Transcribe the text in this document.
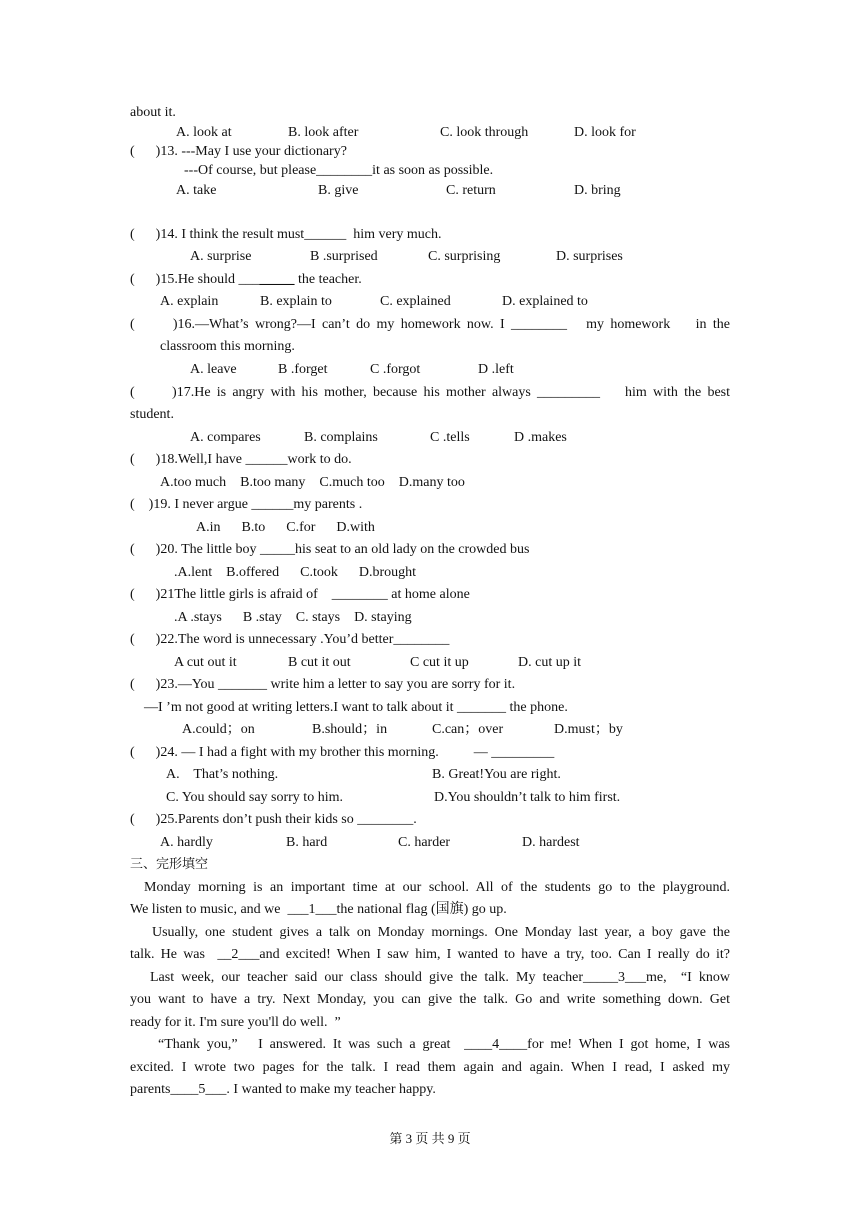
about it.
A. look at	B. look after	C. look through	D. look for
(      )13. ---May I use your dictionary?
---Of course, but please________it as soon as possible.
A. take	B. give	C. return	D. bring
(      )14. I think the result must______  him very much.
A. surprise	B .surprised	C. surprising	D. surprises
(      )15.He should ________ the teacher.
A. explain	B. explain to	C. explained	D. explained to
(      )16.—What’s wrong?—I can’t do my homework now. I ________   my homework    in the
classroom this morning.
A. leave	B .forget	C .forgot	D .left
(      )17.He is angry with his mother, because his mother always _________    him with the best
student.
A. compares	B. complains	C .tells	D .makes
(      )18.Well,I have ______work to do.
A.too much    B.too many    C.much too    D.many too
(    )19. I never argue ______my parents .
A.in      B.to      C.for      D.with
(      )20. The little boy _____his seat to an old lady on the crowded bus
.A.lent    B.offered      C.took      D.brought
(      )21The little girls is afraid of    ________ at home alone
.A .stays      B .stay    C. stays    D. staying
(      )22.The word is unnecessary .You’d better________
A cut out it	B cut it out	C cut it up	D. cut up it
(      )23.—You _______ write him a letter to say you are sorry for it.
—I ’m not good at writing letters.I want to talk about it _______ the phone.
A.could；on	B.should；in	C.can；over	D.must；by
(      )24. — I had a fight with my brother this morning.          — _________
A.    That’s nothing.	B. Great!You are right.
C. You should say sorry to him.	D.You shouldn’t talk to him first.
(      )25.Parents don’t push their kids so ________.
A. hardly	B. hard	C. harder	D. hardest
三、完形填空
Monday morning is an important time at our school. All of the students go to the playground.
We listen to music, and we  ___1___the national flag (国旗) go up.
Usually, one student gives a talk on Monday mornings. One Monday last year, a boy gave the
talk. He was  __2___and excited! When I saw him, I wanted to have a try, too. Can I really do it?
Last week, our teacher said our class should give the talk. My teacher_____3___me,  “I know
you want to have a try. Next Monday, you can give the talk. Go and write something down. Get
ready for it. I'm sure you'll do well.  ”
“Thank you,”   I answered. It was such a great  ____4____for me! When I got home, I was
excited. I wrote two pages for the talk. I read them again and again. When I read, I asked my
parents____5___. I wanted to make my teacher happy.
第 3 页 共 9 页
